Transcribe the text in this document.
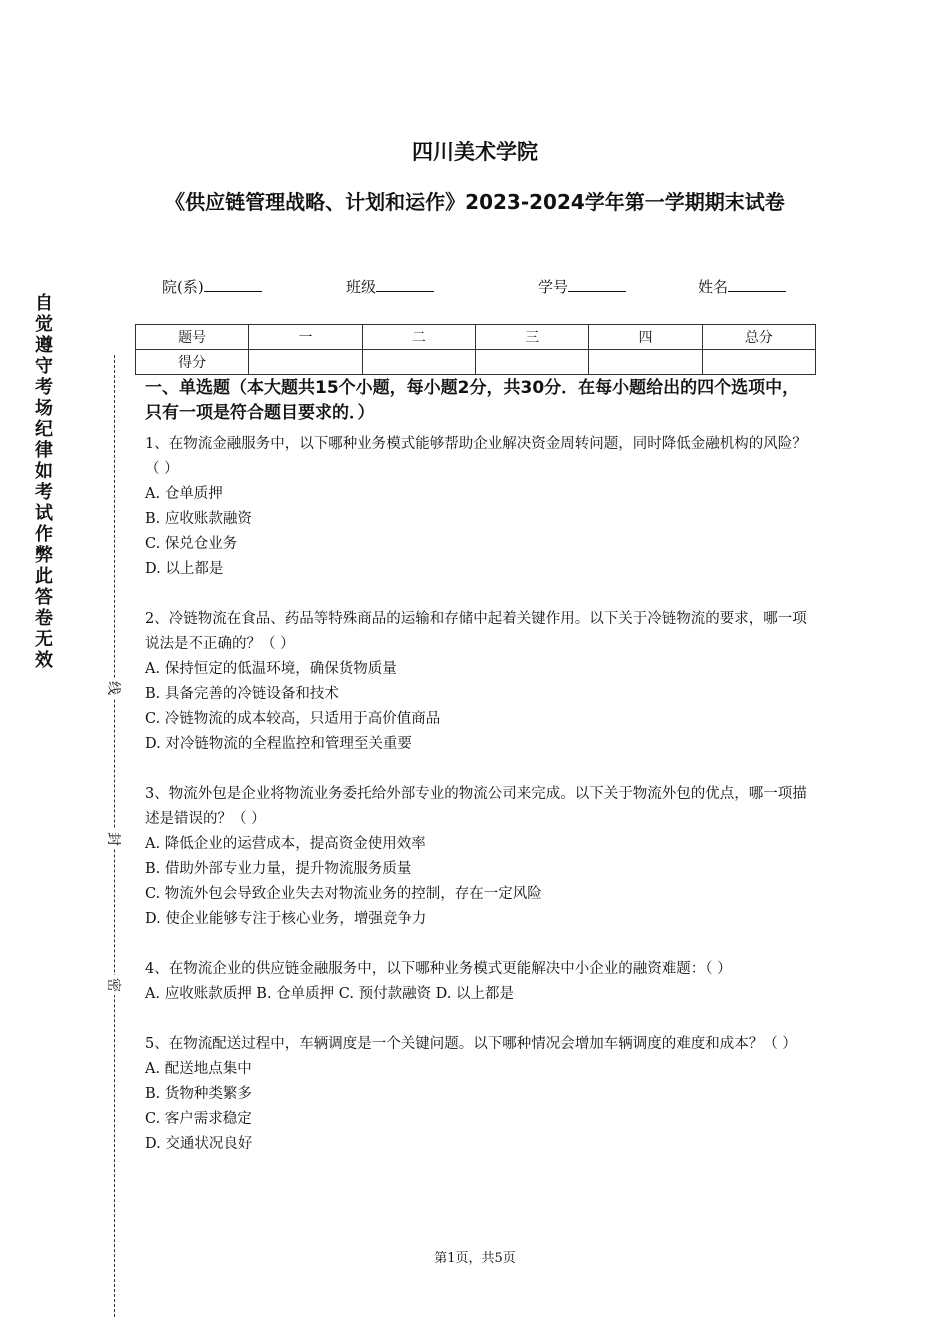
四川美术学院
《供应链管理战略、计划和运作》2023-2024学年第一学期期末试卷
院(系)	班级	学号	姓名
题号	一	二	三	四	总分
得分					
自觉遵守考场纪律如考试作弊此答卷无效
线
封
密

一、单选题（本大题共15个小题，每小题2分，共30分．在每小题给出的四个选项中，只有一项是符合题目要求的．）

1、在物流金融服务中，以下哪种业务模式能够帮助企业解决资金周转问题，同时降低金融机构的风险？（ ）

A. 仓单质押

B. 应收账款融资

C. 保兑仓业务

D. 以上都是

2、冷链物流在食品、药品等特殊商品的运输和存储中起着关键作用。以下关于冷链物流的要求，哪一项说法是不正确的？（ ）

A. 保持恒定的低温环境，确保货物质量

B. 具备完善的冷链设备和技术

C. 冷链物流的成本较高，只适用于高价值商品

D. 对冷链物流的全程监控和管理至关重要

3、物流外包是企业将物流业务委托给外部专业的物流公司来完成。以下关于物流外包的优点，哪一项描述是错误的？（ ）

A. 降低企业的运营成本，提高资金使用效率

B. 借助外部专业力量，提升物流服务质量

C. 物流外包会导致企业失去对物流业务的控制，存在一定风险

D. 使企业能够专注于核心业务，增强竞争力

4、在物流企业的供应链金融服务中，以下哪种业务模式更能解决中小企业的融资难题：（ ）

A. 应收账款质押 B. 仓单质押 C. 预付款融资 D. 以上都是

5、在物流配送过程中，车辆调度是一个关键问题。以下哪种情况会增加车辆调度的难度和成本？（ ）

A. 配送地点集中

B. 货物种类繁多

C. 客户需求稳定

D. 交通状况良好

第1页，共5页
